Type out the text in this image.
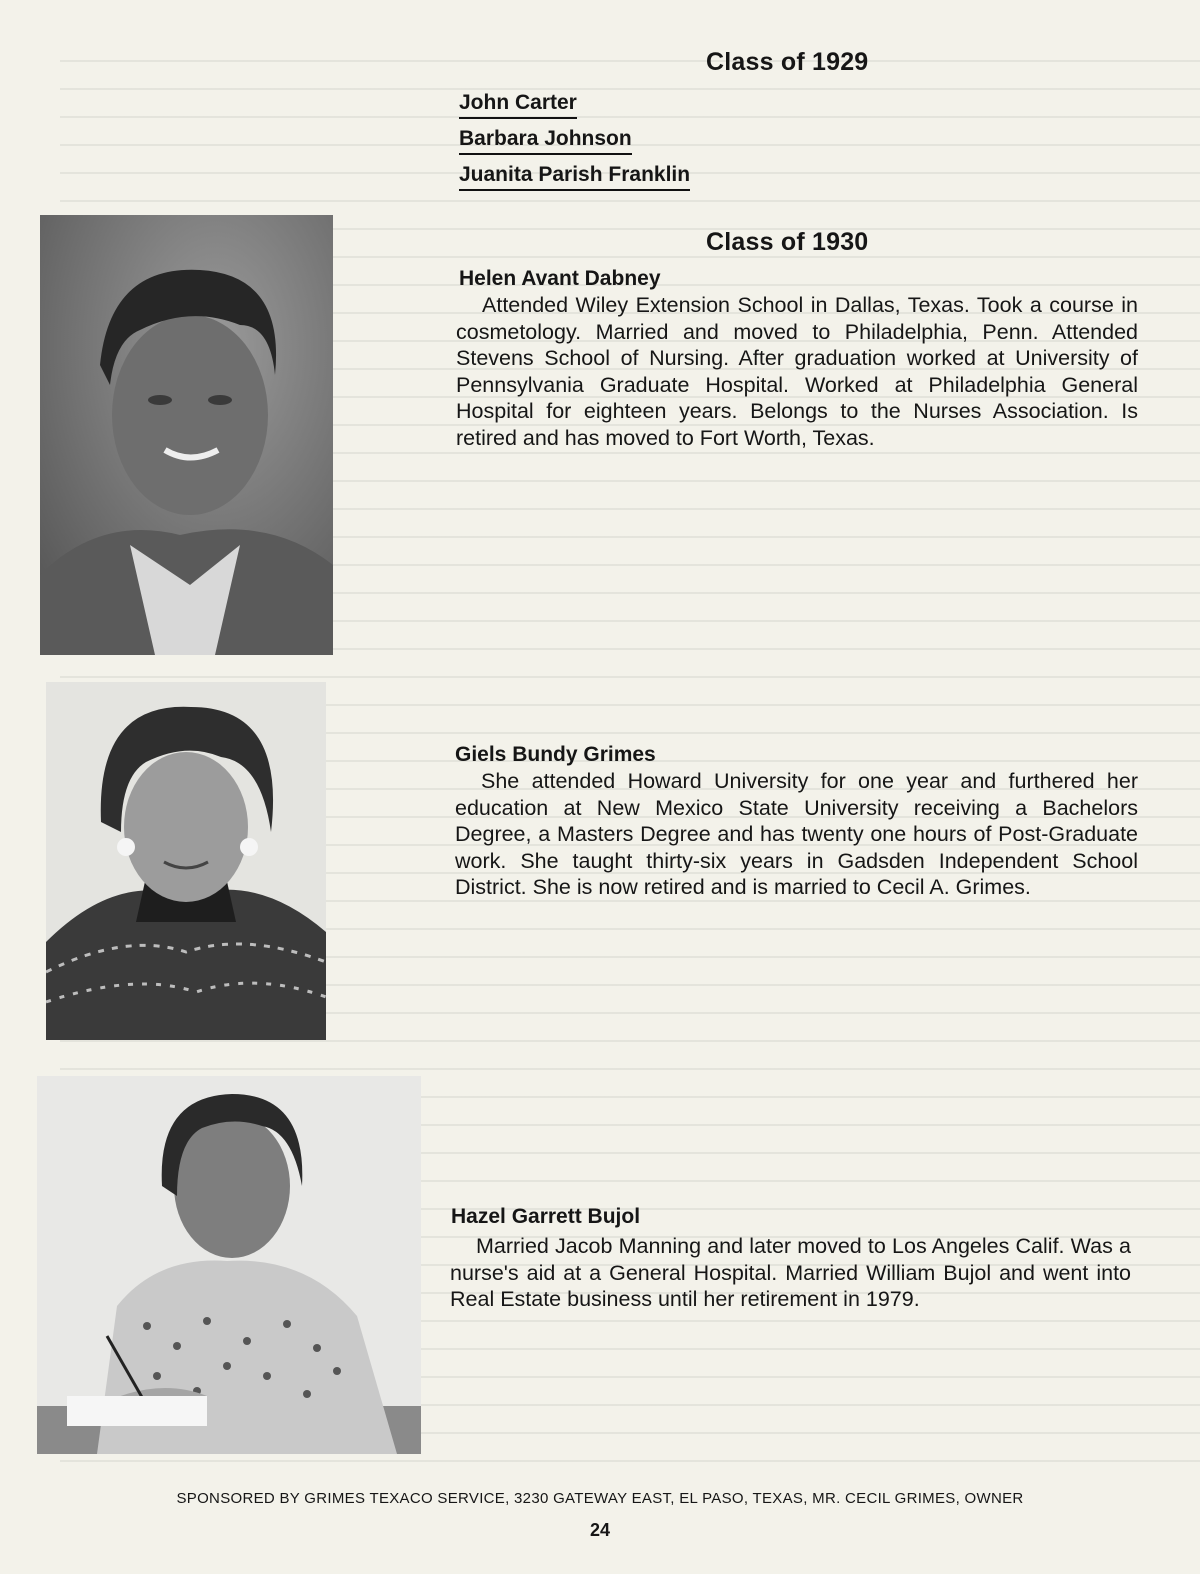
Class of 1929
John Carter
Barbara Johnson
Juanita Parish Franklin
Class of 1930
Helen Avant Dabney
Attended Wiley Extension School in Dallas, Texas. Took a course in cosmetology. Married and moved to Philadelphia, Penn. Attended Stevens School of Nursing. After graduation worked at University of Pennsylvania Graduate Hospital. Worked at Philadelphia General Hospital for eighteen years. Belongs to the Nurses Association. Is retired and has moved to Fort Worth, Texas.
Giels Bundy Grimes
She attended Howard University for one year and furthered her education at New Mexico State University receiving a Bachelors Degree, a Masters Degree and has twenty one hours of Post-Graduate work. She taught thirty-six years in Gadsden Independent School District. She is now retired and is married to Cecil A. Grimes.
Hazel Garrett Bujol
Married Jacob Manning and later moved to Los Angeles Calif. Was a nurse's aid at a General Hospital. Married William Bujol and went into Real Estate business until her retirement in 1979.
SPONSORED BY GRIMES TEXACO SERVICE, 3230 GATEWAY EAST, EL PASO, TEXAS, MR. CECIL GRIMES, OWNER
24
